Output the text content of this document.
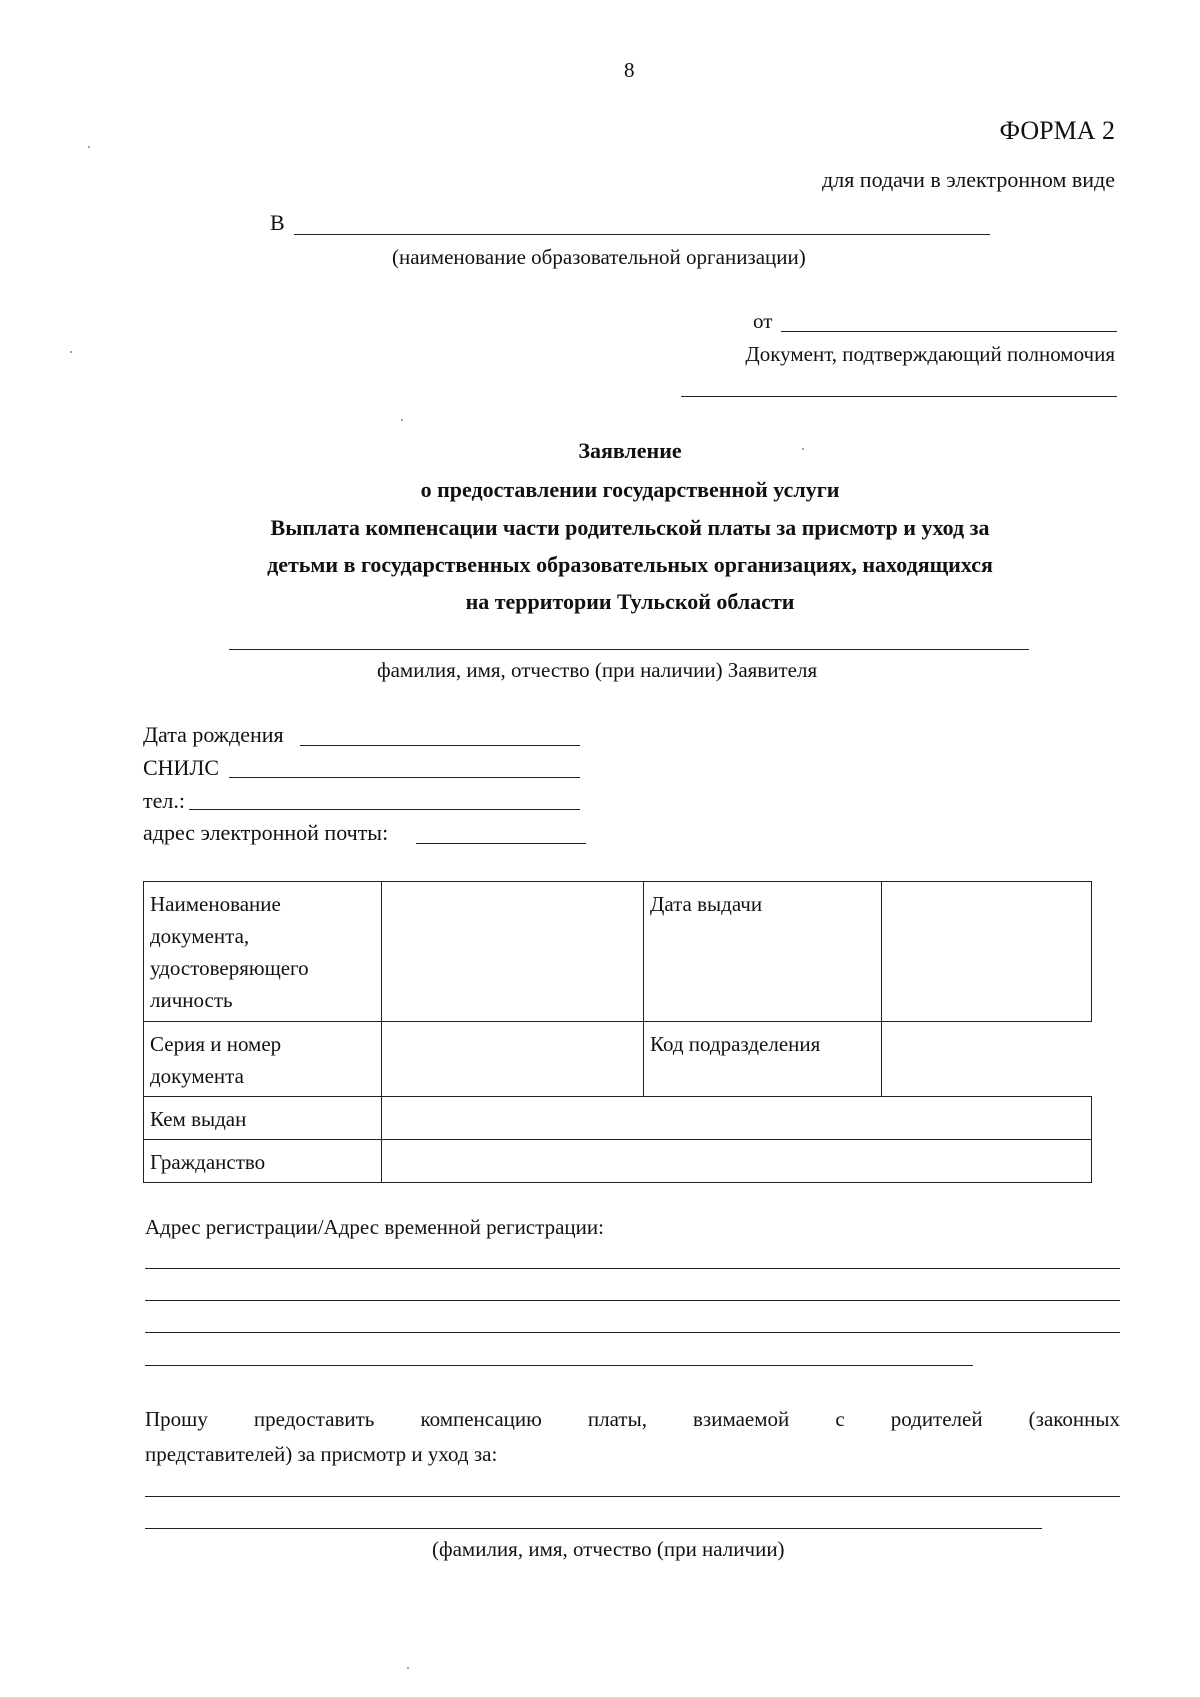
8
ФОРМА 2
для подачи в электронном виде
В
(наименование образовательной организации)
от
Документ, подтверждающий полномочия
Заявление
о предоставлении государственной услуги
Выплата компенсации части родительской платы за присмотр и уход за
детьми в государственных образовательных организациях, находящихся
на территории Тульской области
фамилия, имя, отчество (при наличии) Заявителя
Дата рождения
СНИЛС
тел.:
адрес электронной почты:
Наименование
документа,
удостоверяющего
личность		Дата выдачи	

Серия и номер
документа		Код подразделения	

Кем выдан			

Гражданство			

Адрес регистрации/Адрес временной регистрации:
Прошу предоставить компенсацию платы, взимаемой с родителей (законных
представителей) за присмотр и уход за:
(фамилия, имя, отчество (при наличии)
